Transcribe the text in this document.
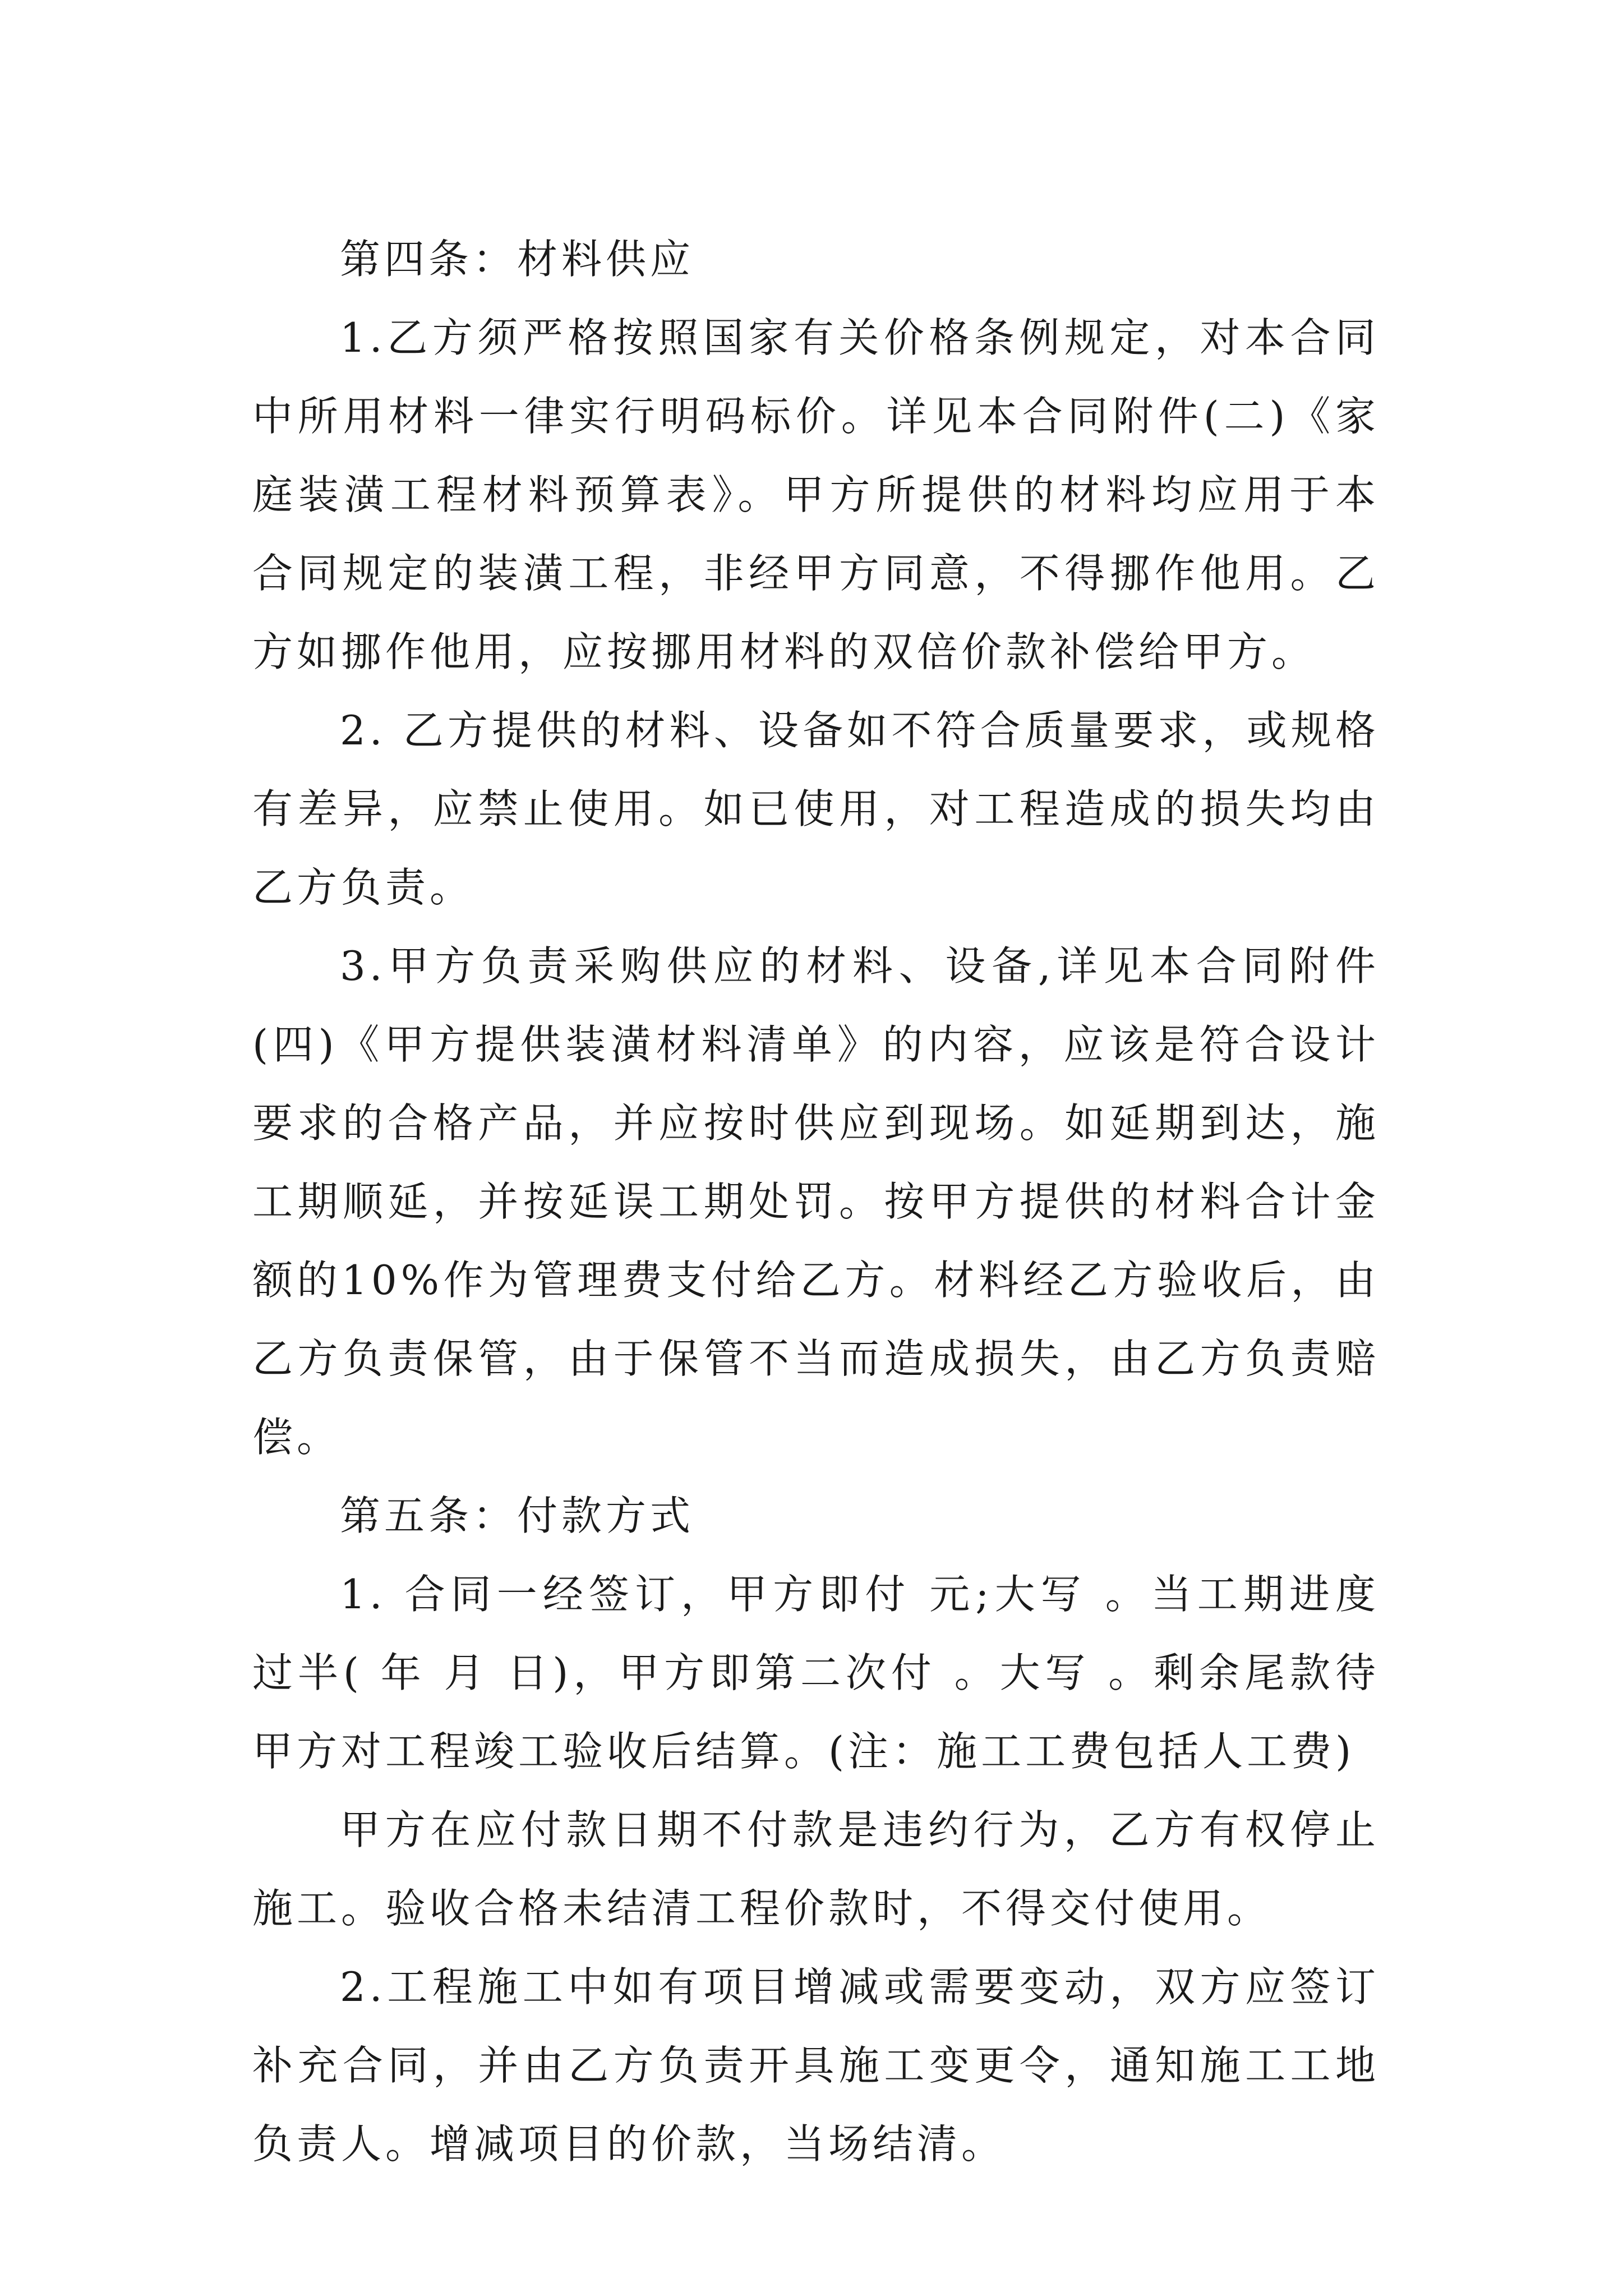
第四条：材料供应

1.乙方须严格按照国家有关价格条例规定，对本合同中所用材料一律实行明码标价。详见本合同附件(二)《家庭装潢工程材料预算表》。甲方所提供的材料均应用于本合同规定的装潢工程，非经甲方同意，不得挪作他用。乙方如挪作他用，应按挪用材料的双倍价款补偿给甲方。

2. 乙方提供的材料、设备如不符合质量要求，或规格有差异，应禁止使用。如已使用，对工程造成的损失均由乙方负责。

3.甲方负责采购供应的材料、设备,详见本合同附件(四)《甲方提供装潢材料清单》的内容，应该是符合设计要求的合格产品，并应按时供应到现场。如延期到达，施工期顺延，并按延误工期处罚。按甲方提供的材料合计金额的10%作为管理费支付给乙方。材料经乙方验收后，由乙方负责保管，由于保管不当而造成损失，由乙方负责赔偿。

第五条：付款方式

1. 合同一经签订，甲方即付 元;大写 。当工期进度过半( 年 月 日)，甲方即第二次付 。大写 。剩余尾款待甲方对工程竣工验收后结算。(注：施工工费包括人工费)

甲方在应付款日期不付款是违约行为，乙方有权停止施工。验收合格未结清工程价款时，不得交付使用。

2.工程施工中如有项目增减或需要变动，双方应签订补充合同，并由乙方负责开具施工变更令，通知施工工地负责人。增减项目的价款，当场结清。
